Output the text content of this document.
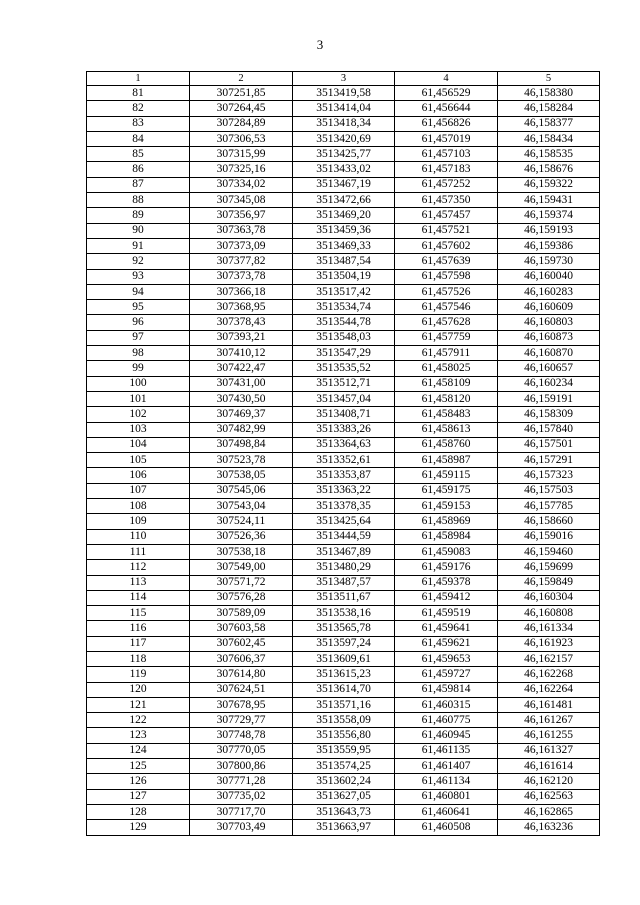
3
1	2	3	4	5
81	307251,85	3513419,58	61,456529	46,158380
82	307264,45	3513414,04	61,456644	46,158284
83	307284,89	3513418,34	61,456826	46,158377
84	307306,53	3513420,69	61,457019	46,158434
85	307315,99	3513425,77	61,457103	46,158535
86	307325,16	3513433,02	61,457183	46,158676
87	307334,02	3513467,19	61,457252	46,159322
88	307345,08	3513472,66	61,457350	46,159431
89	307356,97	3513469,20	61,457457	46,159374
90	307363,78	3513459,36	61,457521	46,159193
91	307373,09	3513469,33	61,457602	46,159386
92	307377,82	3513487,54	61,457639	46,159730
93	307373,78	3513504,19	61,457598	46,160040
94	307366,18	3513517,42	61,457526	46,160283
95	307368,95	3513534,74	61,457546	46,160609
96	307378,43	3513544,78	61,457628	46,160803
97	307393,21	3513548,03	61,457759	46,160873
98	307410,12	3513547,29	61,457911	46,160870
99	307422,47	3513535,52	61,458025	46,160657
100	307431,00	3513512,71	61,458109	46,160234
101	307430,50	3513457,04	61,458120	46,159191
102	307469,37	3513408,71	61,458483	46,158309
103	307482,99	3513383,26	61,458613	46,157840
104	307498,84	3513364,63	61,458760	46,157501
105	307523,78	3513352,61	61,458987	46,157291
106	307538,05	3513353,87	61,459115	46,157323
107	307545,06	3513363,22	61,459175	46,157503
108	307543,04	3513378,35	61,459153	46,157785
109	307524,11	3513425,64	61,458969	46,158660
110	307526,36	3513444,59	61,458984	46,159016
111	307538,18	3513467,89	61,459083	46,159460
112	307549,00	3513480,29	61,459176	46,159699
113	307571,72	3513487,57	61,459378	46,159849
114	307576,28	3513511,67	61,459412	46,160304
115	307589,09	3513538,16	61,459519	46,160808
116	307603,58	3513565,78	61,459641	46,161334
117	307602,45	3513597,24	61,459621	46,161923
118	307606,37	3513609,61	61,459653	46,162157
119	307614,80	3513615,23	61,459727	46,162268
120	307624,51	3513614,70	61,459814	46,162264
121	307678,95	3513571,16	61,460315	46,161481
122	307729,77	3513558,09	61,460775	46,161267
123	307748,78	3513556,80	61,460945	46,161255
124	307770,05	3513559,95	61,461135	46,161327
125	307800,86	3513574,25	61,461407	46,161614
126	307771,28	3513602,24	61,461134	46,162120
127	307735,02	3513627,05	61,460801	46,162563
128	307717,70	3513643,73	61,460641	46,162865
129	307703,49	3513663,97	61,460508	46,163236
